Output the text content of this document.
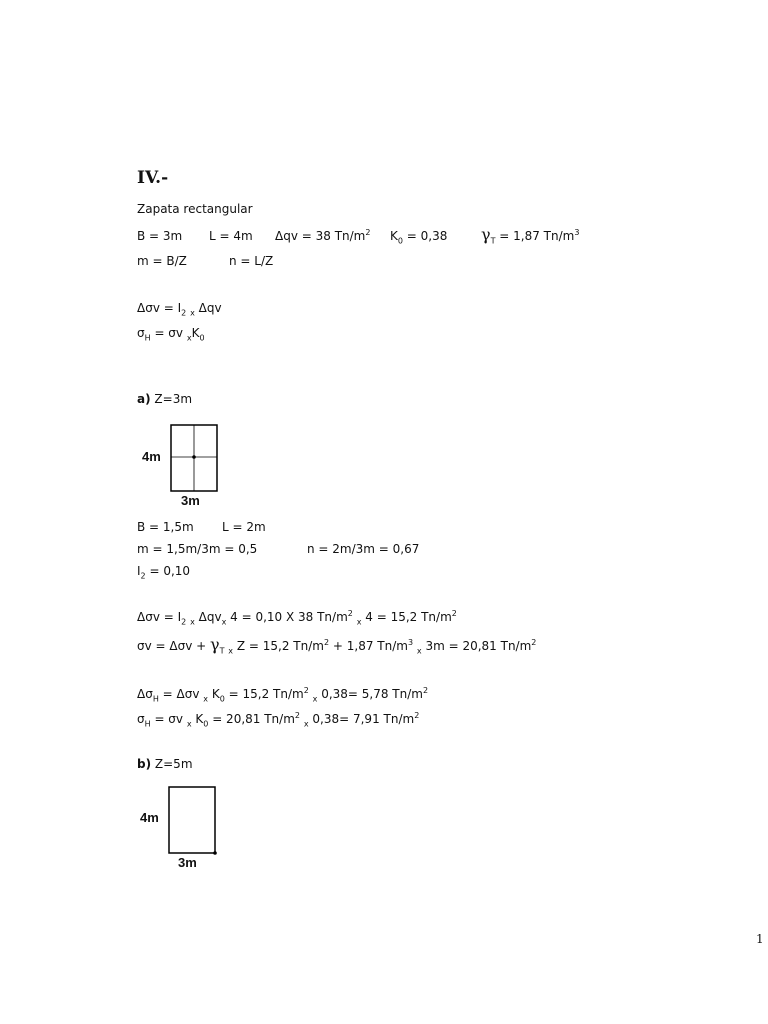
IV.-
Zapata rectangular
B = 3m L = 4m Δqv = 38 $Tn/m^2$ $K_0 = 0,38$ $\gamma_T = 1,87$ $Tn/m^3$
m = B/Z	n = L/Z
$\Delta\sigma v = I_2$ $_x$ Δqv
$\sigma_H = \sigma v$ $_xK_0$
a) Z=3m
4m
3m
B = 1,5m L = 2m
m = 1,5m/3m = 0,5	n = 2m/3m = 0,67
$I_2 = 0,10$
$\Delta\sigma v = I_2$ $_x$ Δqv$_x$ 4 = 0,10 X 38 $Tn/m^2$ $_x$ 4 = 15,2 $Tn/m^2$
$\sigma v = \Delta\sigma v + \gamma_T$ $_x$ Z = 15,2 $Tn/m^2 + 1,87$ $Tn/m^3$ $_x$ 3m = 20,81 $Tn/m^2$
$\Delta\sigma_H = \Delta\sigma v$ $_x$ $K_0 = 15,2$ $Tn/m^2$ $_x$ 0,38= 5,78 $Tn/m^2$
$\sigma_H = \sigma v$ $_x$ $K_0 = 20,81$ $Tn/m^2$ $_x$ 0,38= 7,91 $Tn/m^2$
b) Z=5m
4m
3m
1
